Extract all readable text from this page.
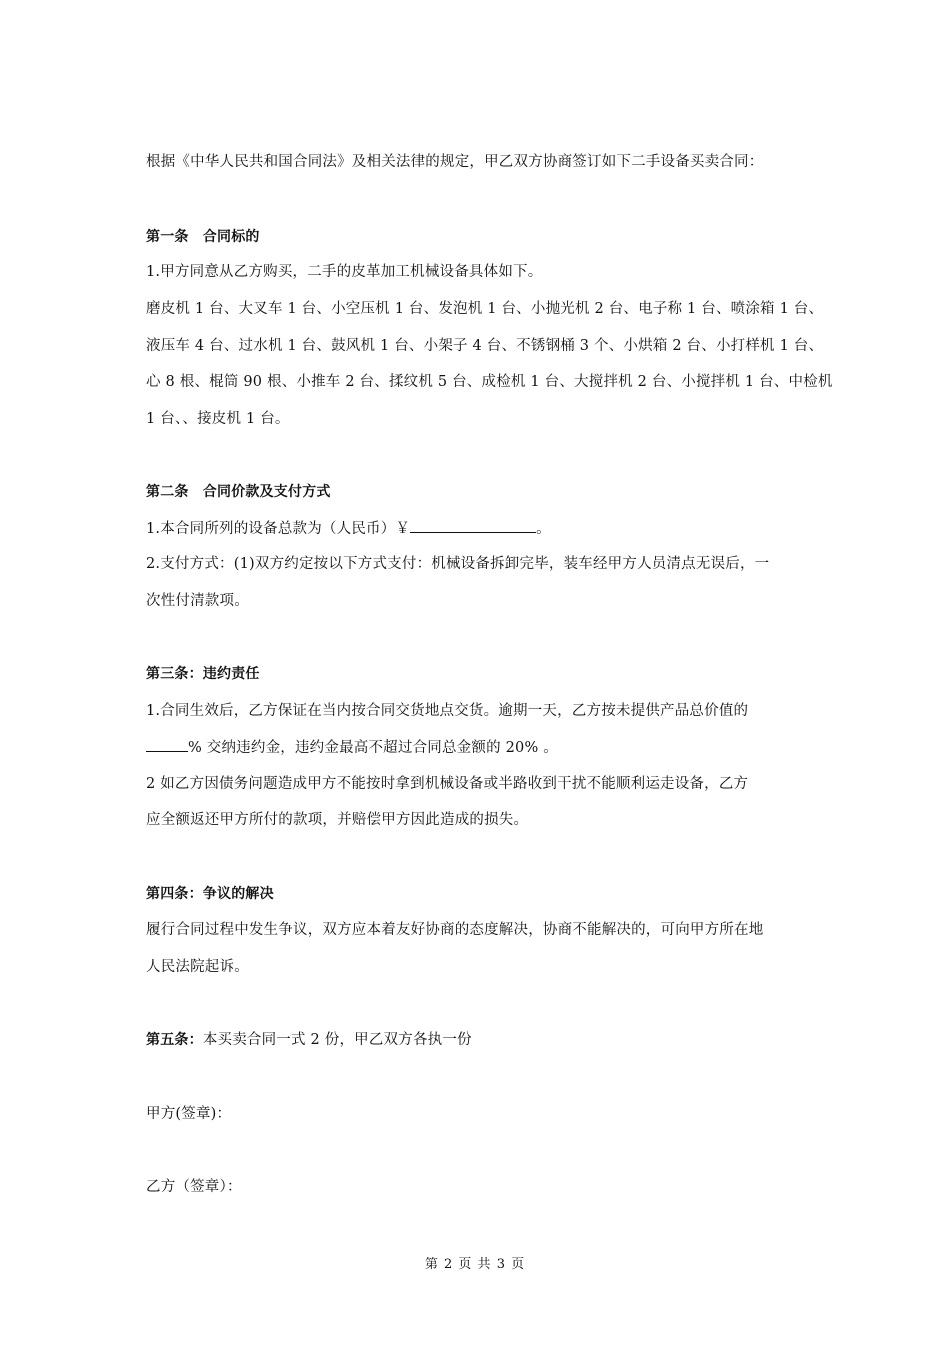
根据《中华人民共和国合同法》及相关法律的规定，甲乙双方协商签订如下二手设备买卖合同：
第一条　合同标的
1.甲方同意从乙方购买，二手的皮革加工机械设备具体如下。
磨皮机 1 台、大叉车 1 台、小空压机 1 台、发泡机 1 台、小抛光机 2 台、电子称 1 台、喷涂箱 1 台、
液压车 4 台、过水机 1 台、鼓风机 1 台、小架子 4 台、不锈钢桶 3 个、小烘箱 2 台、小打样机 1 台、
心 8 根、棍筒 90 根、小推车 2 台、揉纹机 5 台、成检机 1 台、大搅拌机 2 台、小搅拌机 1 台、中检机
1 台、、接皮机 1 台。
第二条　合同价款及支付方式
1.本合同所列的设备总款为（人民币）￥	。
2.支付方式：(1)双方约定按以下方式支付：机械设备拆卸完毕，装车经甲方人员清点无误后，一
次性付清款项。
第三条：违约责任
1.合同生效后，乙方保证在当内按合同交货地点交货。逾期一天，乙方按未提供产品总价值的
% 交纳违约金，违约金最高不超过合同总金额的 20% 。
2 如乙方因债务问题造成甲方不能按时拿到机械设备或半路收到干扰不能顺利运走设备，乙方
应全额返还甲方所付的款项，并赔偿甲方因此造成的损失。
第四条：争议的解决
履行合同过程中发生争议，双方应本着友好协商的态度解决，协商不能解决的，可向甲方所在地
人民法院起诉。
第五条：本买卖合同一式 2 份，甲乙双方各执一份
甲方(签章)：
乙方（签章）：
第 2 页 共 3 页
